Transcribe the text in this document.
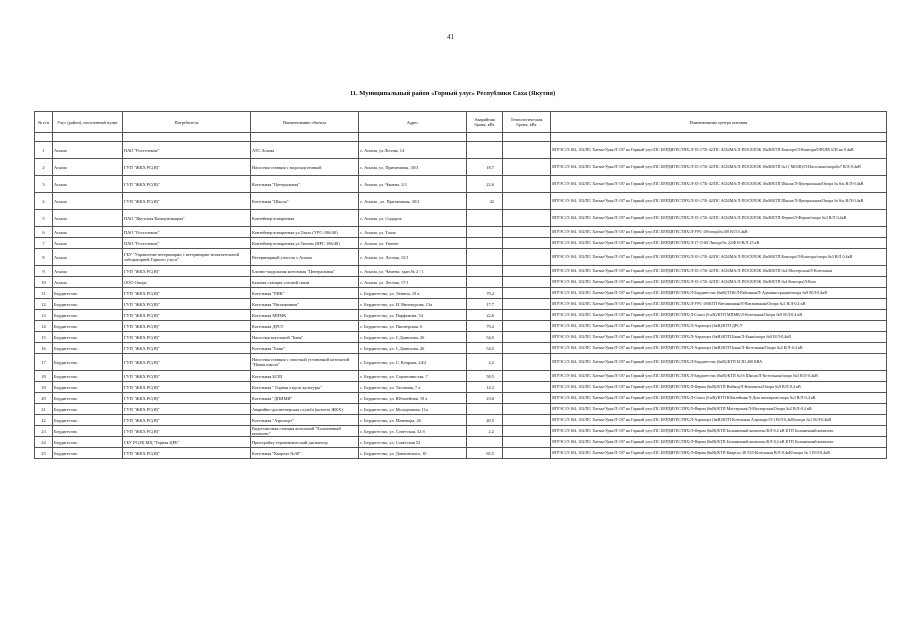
41
11. Муниципальный район «Горный улус» Республики Саха (Якутия)
№ п/п	Улус (район), населенный пункт	Потребитель	Наименование объекта	Адрес	Аварийная броня, кВт	Технологическая броня, кВт	Наименование центра питания

1	Асыма	ПАО "Ростелеком"	АТС Асыма	с. Асыма, ул.Лесная, 14			ЯГРЭС/Л-104, 102/ПС Хатын-Урях/Л-107 на Горный улус/ПС БЕРДИГЕСТЯХ/Л-35-17/Б-42/ПС АСЫМА/Л-ПОСЕЛОК 10кВ/КТП Контора/Л-Контора/ОПОРА Б/Н на 0,4кВ
2	Асыма	ГУП "ЖКХ РС(Я)"	Насосная станция с водоподготовкой	с. Асыма, ул. Притаежная, 30/3	18,7		ЯГРЭС/Л-104, 102/ПС Хатын-Урях/Л-107 на Горный улус/ПС БЕРДИГЕСТЯХ/Л-35-17/Б-42/ПС АСЫМА/Л-ПОСЕЛОК 10кВ/КТП №1 ( МОШ)/Л-Насосная/опора№7 В/Л-0,4кВ
3	Асыма	ГУП "ЖКХ РС(Я)"	Котельная "Центральная"	с. Асыма, ул. Чамена, 2/1	22,6		ЯГРЭС/Л-104, 102/ПС Хатын-Урях/Л-107 на Горный улус/ПС БЕРДИГЕСТЯХ/Л-35-17/Б-42/ПС АСЫМА/Л-ПОСЕЛОК 10кВ/КТП Школа/Л-Центральная/Опора № 6/н В/Л-0,4кВ
4	Асыма	ГУП "ЖКХ РС(Я)"	Котельная "Школа"	с. Асыма , ул. Притаежная, 30/2	42		ЯГРЭС/Л-104, 102/ПС Хатын-Урях/Л-107 на Горный улус/ПС БЕРДИГЕСТЯХ/Л-35-17/Б-42/ПС АСЫМА/Л-ПОСЕЛОК 10кВ/КТП Школа/Л-Центральная/Опора № 6/н В/Л-0,4кВ
5	Асыма	ПАО "Якутская Коммуникации"	Контейнер-аппаратная	с. Асыма, ул. Сидоров			ЯГРЭС/Л-104, 102/ПС Хатын-Урях/Л-107 на Горный улус/ПС БЕРДИГЕСТЯХ/Л-35-17/Б-42/ПС АСЫМА/Л-ПОСЕЛОК 10кВ/КТП Ферма/Л-Ферма/опора №3 В/Л 0,4кВ
6	Асыма	ПАО "Ростелеком"	Контейнер-аппаратная ул.Тааль (УРС-186/40)	с. Асыма, ул. Тааль			ЯГРЭС/Л-104, 102/ПС Хатын-Урях/Л-107 на Горный улус/ПС БЕРДИГЕСТЯХ/Л-УРС-49/опора№100 В/Л 0,4кВ
7	Асыма	ПАО "Ростелеком"	Контейнер-аппаратная ул.Тюнгю (НРС 186/40)	с. Асыма, ул. Тюнгю			ЯГРЭС/Л-104, 102/ПС Хатын-Урях/Л-107 на Горный улус/ПС БЕРДИГЕСТЯХ/Л-17-Л-60 Лиходе/№ 22/Ф10-В/Л 25 кВ
8	Асыма	ГБУ "Управление ветеринарии с ветеринарно-испытательной лабораторией Горного улуса"	Ветеринарный участок с.Асыма	с. Асыма, ул. Лесная, 15/1			ЯГРЭС/Л-104, 102/ПС Хатын-Урях/Л-107 на Горный улус/ПС БЕРДИГЕСТЯХ/Л-35-17/Б-42/ПС АСЫМА/Л-ПОСЕЛОК 10кВ/КТП Контора/Л-Контора/опора №3 В/Л 0,4кВ
9	Асыма	ГУП "ЖКХ РС(Я)"	Блочно-модульная котельная "Центральная"	с. Асыма, ул. Чамена, здан.№ 2 / 1			ЯГРЭС/Л-104, 102/ПС Хатын-Урях/Л-107 на Горный улус/ПС БЕРДИГЕСТЯХ/Л-35-17/Б-42/ПС АСЫМА/Л-ПОСЕЛОК 10кВ/КТП №4 Мастерская/Л-Котельная
10	Асыма	ООО Опора	Базовая станция сотовой связи	с. Асыма, ул. Лесная, 17/1			ЯГРЭС/Л-104, 102/ПС Хатын-Урях/Л-107 на Горный улус/ПС БЕРДИГЕСТЯХ/Л-35-17/Б-42/ПС АСЫМА/Л-ПОСЕЛОК 10кВ/КТП №4 Контора/Л-Котл
11	Бердигестях	ГУП "ЖКХ РС(Я)"	Котельная "РИК"	с. Бердигестях, ул. Ленина, 10 а	79,2		ЯГРЭС/Л-104, 102/ПС Хатын-Урях/Л-107 на Горный улус/ПС БЕРДИГЕСТЯХ/Л-Бердигестях (6кВ)/ТП6/Л-Районная/Л-Администрация/опора №9 В/Л-0,4кВ
12	Бердигестях	ГУП "ЖКХ РС(Я)"	Котельная "Витаминная"	с. Бердигестях, ул. И. Винокурова, 13а	17,7		ЯГРЭС/Л-104, 102/ПС Хатын-Урях/Л-107 на Горный улус/ПС БЕРДИГЕСТЯХ/Л-УРС-49/КТП Витаминная/Л-Витаминная/Опора №1 В/Л-0,4 кВ
13	Бердигестях	ГУП "ЖКХ РС(Я)"	Котельная МПМК	с. Бердигестях, ул. Парфенова, 54	22,6		ЯГРЭС/Л-104, 102/ПС Хатын-Урях/Л-107 на Горный улус/ПС БЕРДИГЕСТЯХ/Л-Сокол (6 кВ)/КТП МПМК/Л-Котельная/Опора №9 В/Л-0,4 кВ
14	Бердигестях	ГУП "ЖКХ РС(Я)"	Котельная ДРСУ	с. Бердигестях, ул. Пионерская, 6	79,2		ЯГРЭС/Л-104, 102/ПС Хатын-Урях/Л-107 на Горный улус/ПС БЕРДИГЕСТЯХ/Л-Аэропорт (6кВ)/КТП ДРСУ
15	Бердигестях	ГУП "ЖКХ РС(Я)"	Насосная котельной "Баня"	с. Бердигестях, ул. С.Данилова, 26	54,5		ЯГРЭС/Л-104, 102/ПС Хатын-Урях/Л-107 на Горный улус/ПС БЕРДИГЕСТЯХ/Л-Аэропорт (6кВ)/КТП Баня/Л-Баня/опора №8 В/Л-0,4кВ
16	Бердигестях	ГУП "ЖКХ РС(Я)"	Котельная "Баня"	с. Бердигестях, ул. С.Данилова, 26	54,5		ЯГРЭС/Л-104, 102/ПС Хатын-Урях/Л-107 на Горный улус/ПС БЕРДИГЕСТЯХ/Л-Аэропорт (6кВ)/КТП Баня/Л-Котельная/Опора №2 В/Л-0,4 кВ
17	Бердигестях	ГУП "ЖКХ РС(Я)"	Насосная станция с очисткой установкой котельной "Новая школа"	с. Бердигестях, ул. С. Кочрова, 24/2	2,2		ЯГРЭС/Л-104, 102/ПС Хатын-Урях/Л-107 на Горный улус/ПС БЕРДИГЕСТЯХ/Л-Бердигестях (6кВ)/КТП БСШ 400 КВА
18	Бердигестях	ГУП "ЖКХ РС(Я)"	Котельная БСШ	с. Бердигестях, ул. Соровшнистая, 7	58,5		ЯГРЭС/Л-104, 102/ПС Хатын-Урях/Л-107 на Горный улус/ПС БЕРДИГЕСТЯХ/Л-Бердигестях (6кВ)/КТП №16 Школа/Л-Котельная/опора №3 В/Л-0,4кВ
19	Бердигестях	ГУП "ЖКХ РС(Я)"	Котельная " Горная отдела культуры"	с. Бердигестях, ул. Тасовная, 7 а	14,3		ЯГРЭС/Л-104, 102/ПС Хатын-Урях/Л-107 на Горный улус/ПС БЕРДИГЕСТЯХ/Л-Ферма (6кВ)/КТП Войвод/Л-Контакты/Опора №9 В/Л-0,4 кВ
20	Бердигестях	ГУП "ЖКХ РС(Я)"	Котельная "ДПИМИ"	с. Бердигестях, ул. Юбилейная, 19 а	23,6		ЯГРЭС/Л-104, 102/ПС Хатын-Урях/Л-107 на Горный улус/ПС БЕРДИГЕСТЯХ/Л-Сокол (6 кВ)/КТП Юбилейная/Л-Дом пионеров/опора №3 В/Л-0,4 кВ
21	Бердигестях	ГУП "ЖКХ РС(Я)"	Аварийно-диспетчерская служба (котлетл ЖКХ)	с. Бердигестях, ул. Молодежная, 11а			ЯГРЭС/Л-104, 102/ПС Хатын-Урях/Л-107 на Горный улус/ПС БЕРДИГЕСТЯХ/Л-Ферма (6кВ)/КТП Мастерская/Л-Мастерская/Опора №2 В/Л-0,4 кВ
22	Бердигестях	ГУП "ЖКХ РС(Я)"	Котельная "Аэропорт"	с. Бердигестях, ул. Маневора, 26	40,5		ЯГРЭС/Л-104, 102/ПС Хатын-Урях/Л-107 на Горный улус/ПС БЕРДИГЕСТЯХ/Л-Аэропорт (6кВ)/КТП Котельная Аэропорт/Л-1 В/Л-0,4кВ/опора №1 В/Л-0,4кВ
23	Бердигестях	ГУП "ЖКХ РС(Я)"	Водоочистная станция котельной "Больничный комплекс"	с. Бердигестях, ул. Советская, 52 б	2,2		ЯГРЭС/Л-104, 102/ПС Хатын-Урях/Л-107 на Горный улус/ПС БЕРДИГЕСТЯХ/Л-Ферма (6кВ)/КТП Больничный комплекс/КЛ-0,4 кВ КТП Больничный комплекс
24	Бердигестях	ГБУ РС(Я) МЦ "Горная ЦРБ"	Пристройку терапевтический диспансер	с. Бердигестях, ул. Советская 52			ЯГРЭС/Л-104, 102/ПС Хатын-Урях/Л-107 на Горный улус/ПС БЕРДИГЕСТЯХ/Л-Ферма (6кВ)/КТП Больничный комплекс/КЛ-0,4 кВ КТП Больничный комплекс
25	Бердигестях	ГУП "ЖКХ РС(Я)"	Котельная "Квартал №38"	с. Бердигестях, ул. Данчинского, 10	65,5		ЯГРЭС/Л-104, 102/ПС Хатын-Урях/Л-107 на Горный улус/ПС БЕРДИГЕСТЯХ/Л-Ферма (6кВ)/КТП Квартал 38 Л/Л-Котельная В/Л-0,4кВ/опора № 1 В/Л-0,4кВ
